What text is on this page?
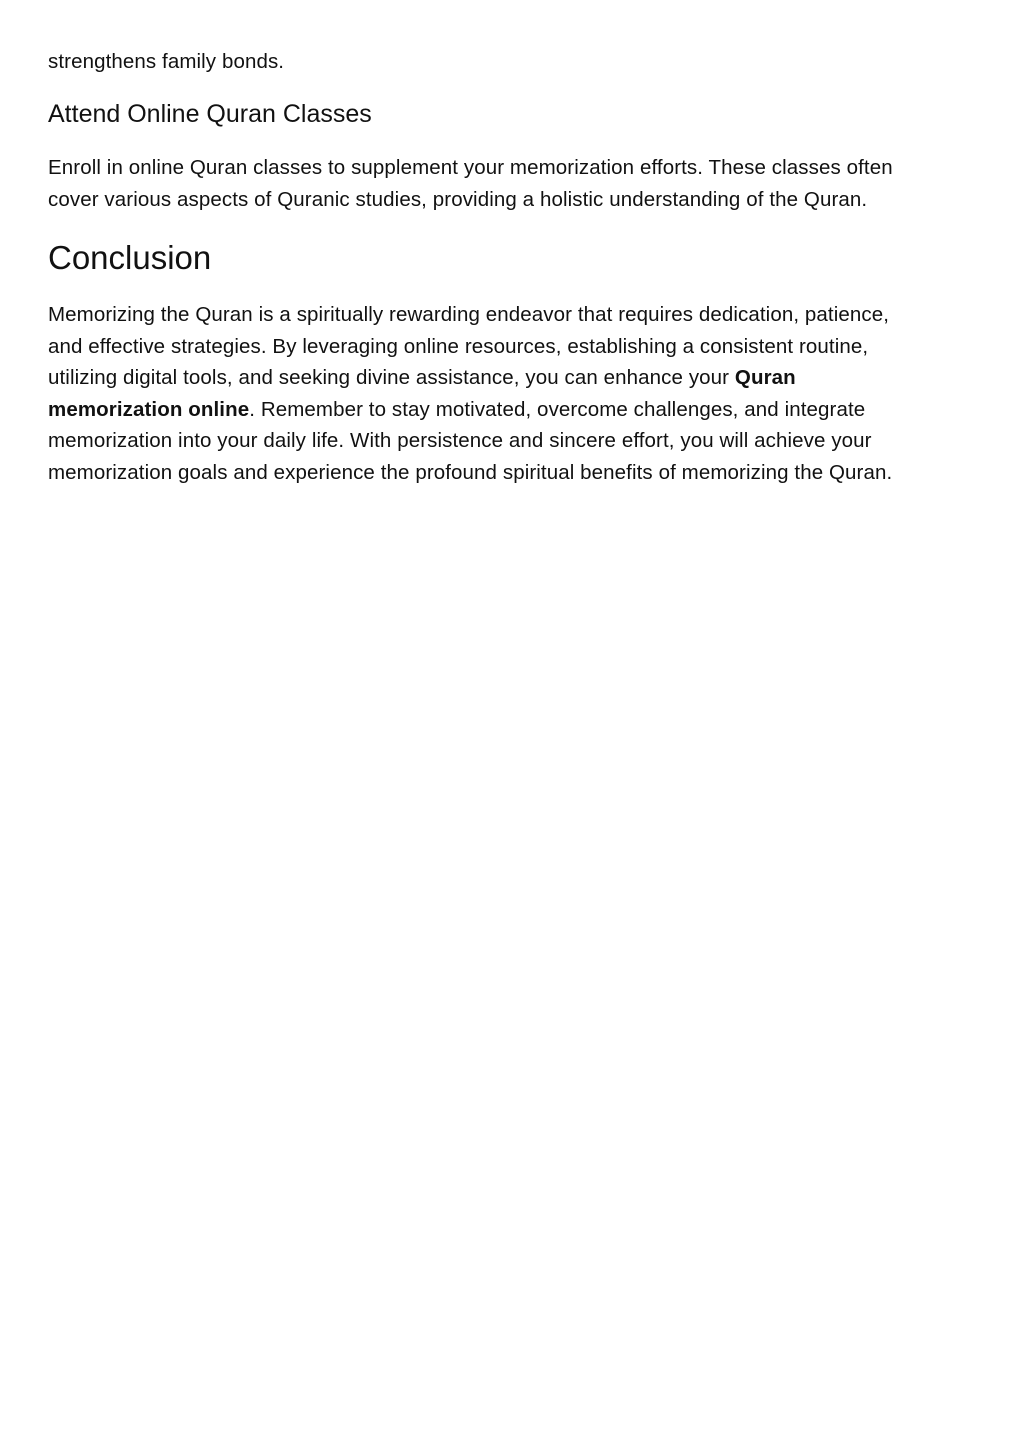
strengthens family bonds.

Attend Online Quran Classes

Enroll in online Quran classes to supplement your memorization efforts. These classes often
cover various aspects of Quranic studies, providing a holistic understanding of the Quran.

Conclusion

Memorizing the Quran is a spiritually rewarding endeavor that requires dedication, patience,
and effective strategies. By leveraging online resources, establishing a consistent routine,
utilizing digital tools, and seeking divine assistance, you can enhance your Quran
memorization online. Remember to stay motivated, overcome challenges, and integrate
memorization into your daily life. With persistence and sincere effort, you will achieve your
memorization goals and experience the profound spiritual benefits of memorizing the Quran.
